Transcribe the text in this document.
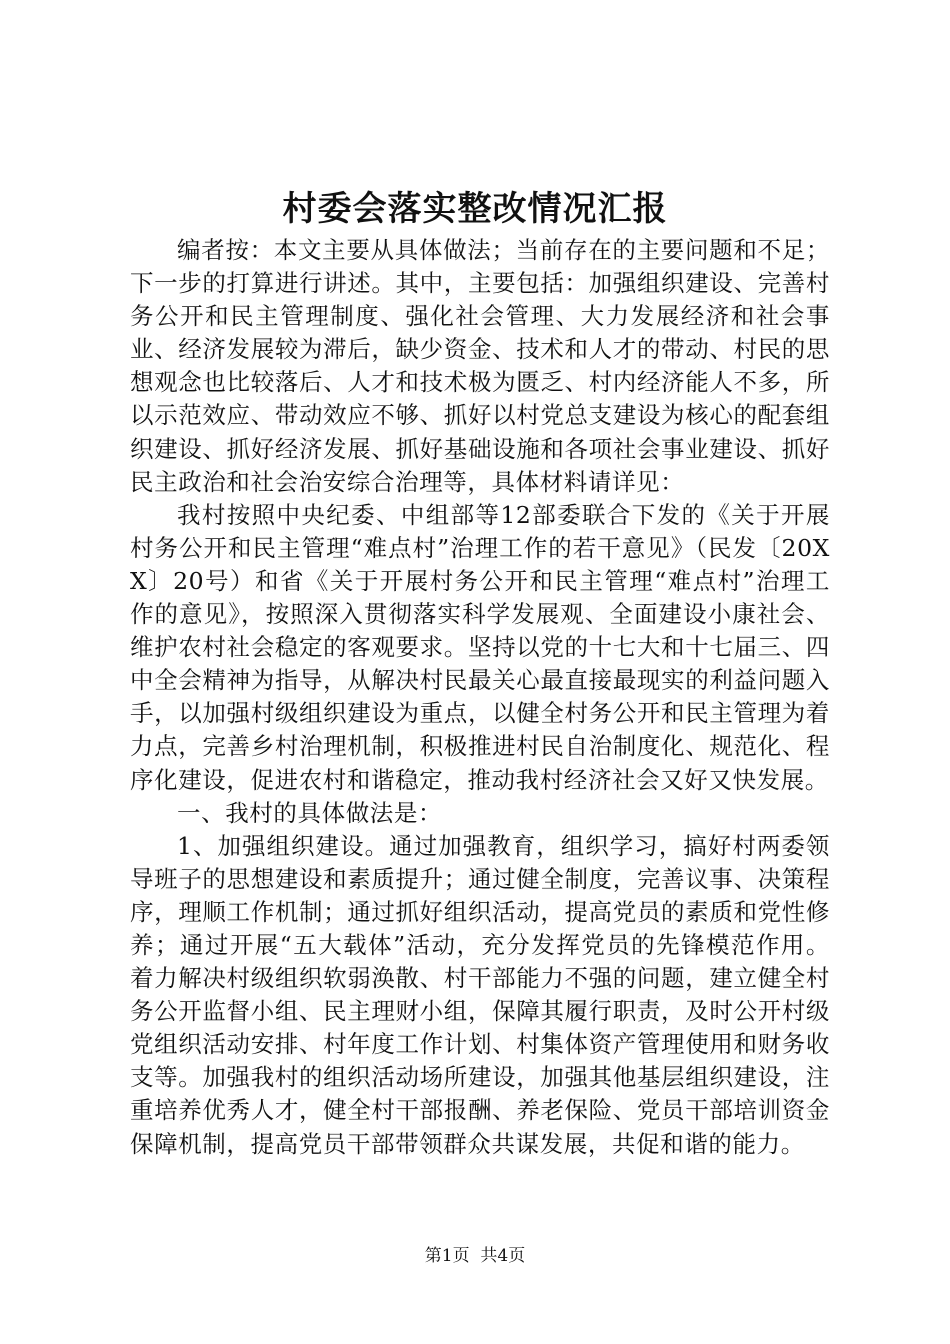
村委会落实整改情况汇报

编者按：本文主要从具体做法；当前存在的主要问题和不足；下一步的打算进行讲述。其中，主要包括：加强组织建设、完善村务公开和民主管理制度、强化社会管理、大力发展经济和社会事业、经济发展较为滞后，缺少资金、技术和人才的带动、村民的思想观念也比较落后、人才和技术极为匮乏、村内经济能人不多，所以示范效应、带动效应不够、抓好以村党总支建设为核心的配套组织建设、抓好经济发展、抓好基础设施和各项社会事业建设、抓好民主政治和社会治安综合治理等，具体材料请详见：

我村按照中央纪委、中组部等12部委联合下发的《关于开展村务公开和民主管理“难点村”治理工作的若干意见》（民发〔20XX〕20号）和省《关于开展村务公开和民主管理“难点村”治理工作的意见》，按照深入贯彻落实科学发展观、全面建设小康社会、维护农村社会稳定的客观要求。坚持以党的十七大和十七届三、四中全会精神为指导，从解决村民最关心最直接最现实的利益问题入手，以加强村级组织建设为重点，以健全村务公开和民主管理为着力点，完善乡村治理机制，积极推进村民自治制度化、规范化、程序化建设，促进农村和谐稳定，推动我村经济社会又好又快发展。

一、我村的具体做法是：

1、加强组织建设。通过加强教育，组织学习，搞好村两委领导班子的思想建设和素质提升；通过健全制度，完善议事、决策程序，理顺工作机制；通过抓好组织活动，提高党员的素质和党性修养；通过开展“五大载体”活动，充分发挥党员的先锋模范作用。着力解决村级组织软弱涣散、村干部能力不强的问题，建立健全村务公开监督小组、民主理财小组，保障其履行职责，及时公开村级党组织活动安排、村年度工作计划、村集体资产管理使用和财务收支等。加强我村的组织活动场所建设，加强其他基层组织建设，注重培养优秀人才，健全村干部报酬、养老保险、党员干部培训资金保障机制，提高党员干部带领群众共谋发展，共促和谐的能力。

第1页  共4页
